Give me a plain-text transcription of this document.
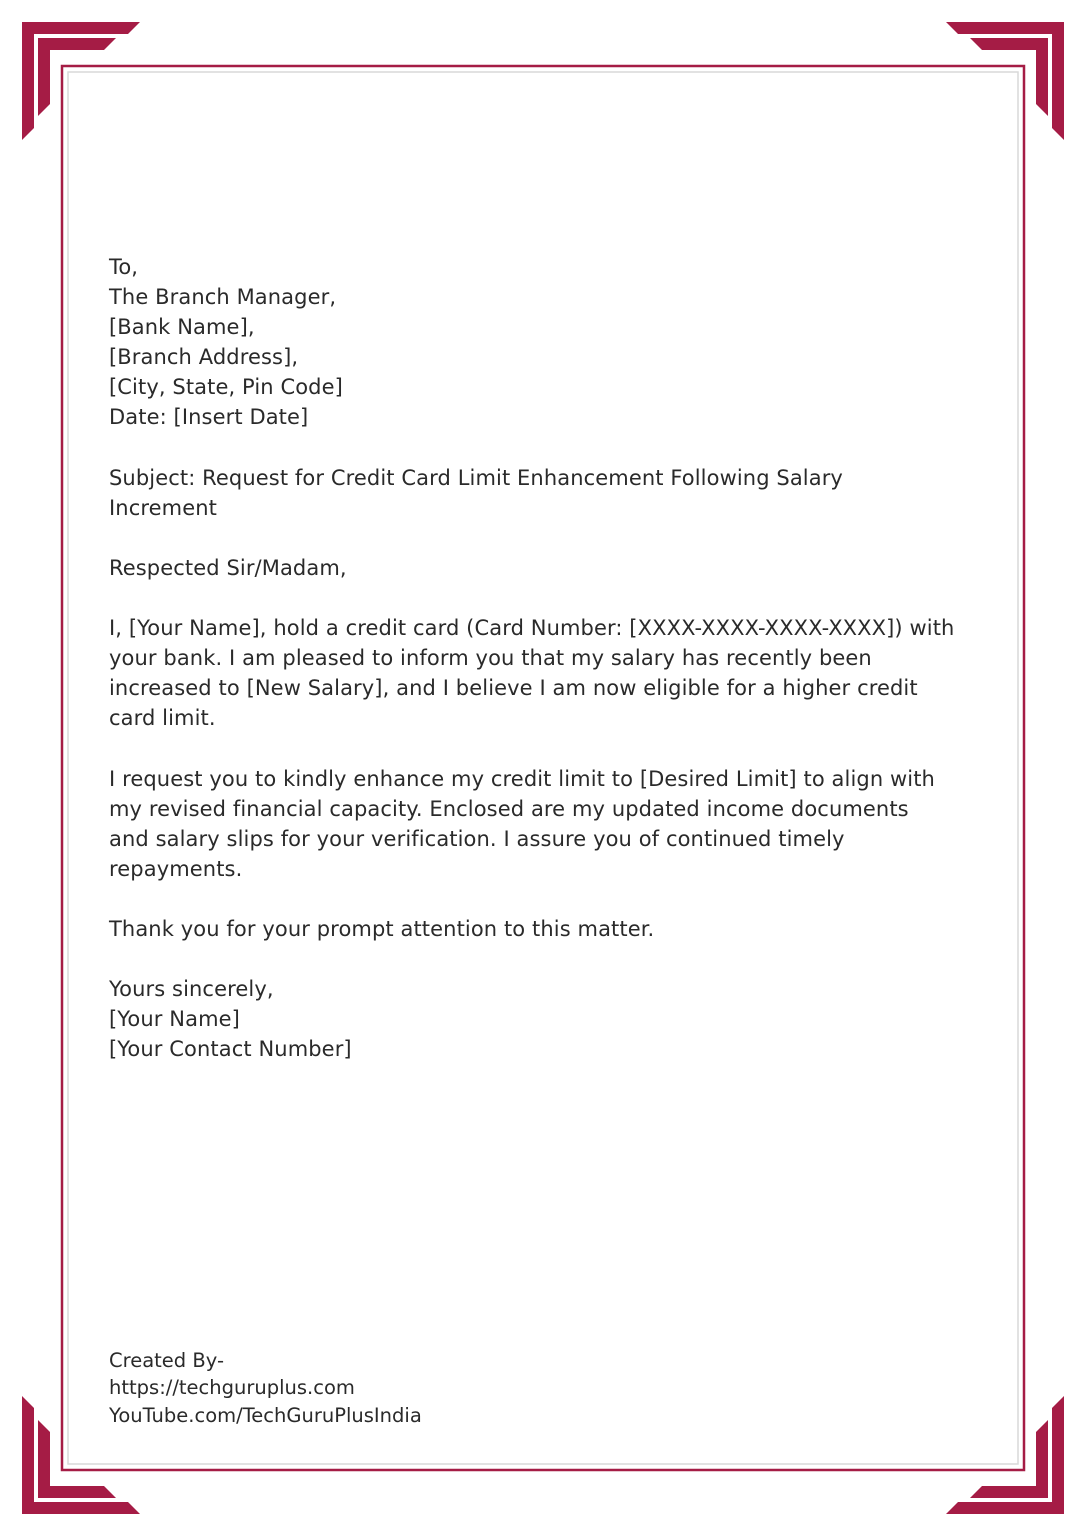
To,
The Branch Manager,
[Bank Name],
[Branch Address],
[City, State, Pin Code]
Date: [Insert Date]
Subject: Request for Credit Card Limit Enhancement Following Salary
Increment
Respected Sir/Madam,
I, [Your Name], hold a credit card (Card Number: [XXXX-XXXX-XXXX-XXXX]) with
your bank. I am pleased to inform you that my salary has recently been
increased to [New Salary], and I believe I am now eligible for a higher credit
card limit.
I request you to kindly enhance my credit limit to [Desired Limit] to align with
my revised financial capacity. Enclosed are my updated income documents
and salary slips for your verification. I assure you of continued timely
repayments.
Thank you for your prompt attention to this matter.
Yours sincerely,
[Your Name]
[Your Contact Number]
Created By-
https://techguruplus.com
YouTube.com/TechGuruPlusIndia
